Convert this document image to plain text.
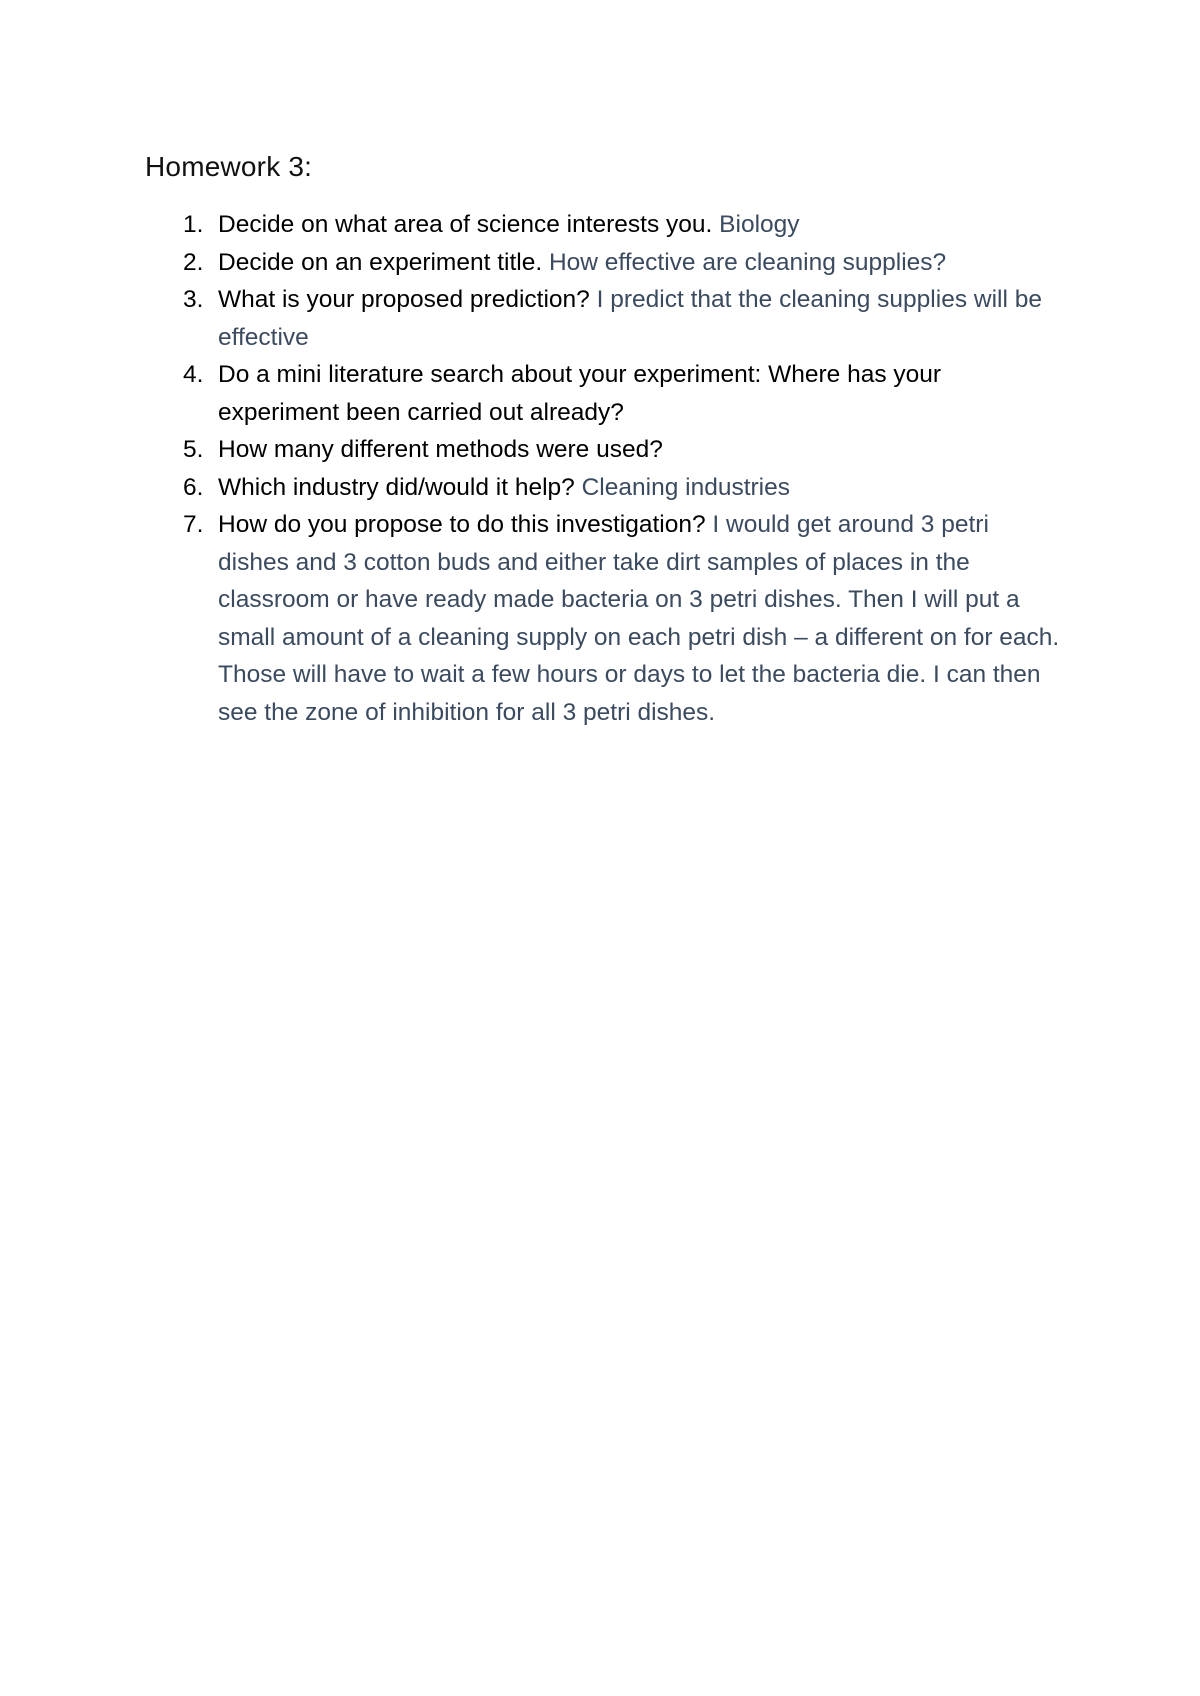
Homework 3:
1. Decide on what area of science interests you. Biology
2. Decide on an experiment title. How effective are cleaning supplies?
3. What is your proposed prediction? I predict that the cleaning supplies will be effective
4. Do a mini literature search about your experiment: Where has your experiment been carried out already?
5. How many different methods were used?
6. Which industry did/would it help? Cleaning industries
7. How do you propose to do this investigation? I would get around 3 petri dishes and 3 cotton buds and either take dirt samples of places in the classroom or have ready made bacteria on 3 petri dishes. Then I will put a small amount of a cleaning supply on each petri dish – a different on for each. Those will have to wait a few hours or days to let the bacteria die. I can then see the zone of inhibition for all 3 petri dishes.
